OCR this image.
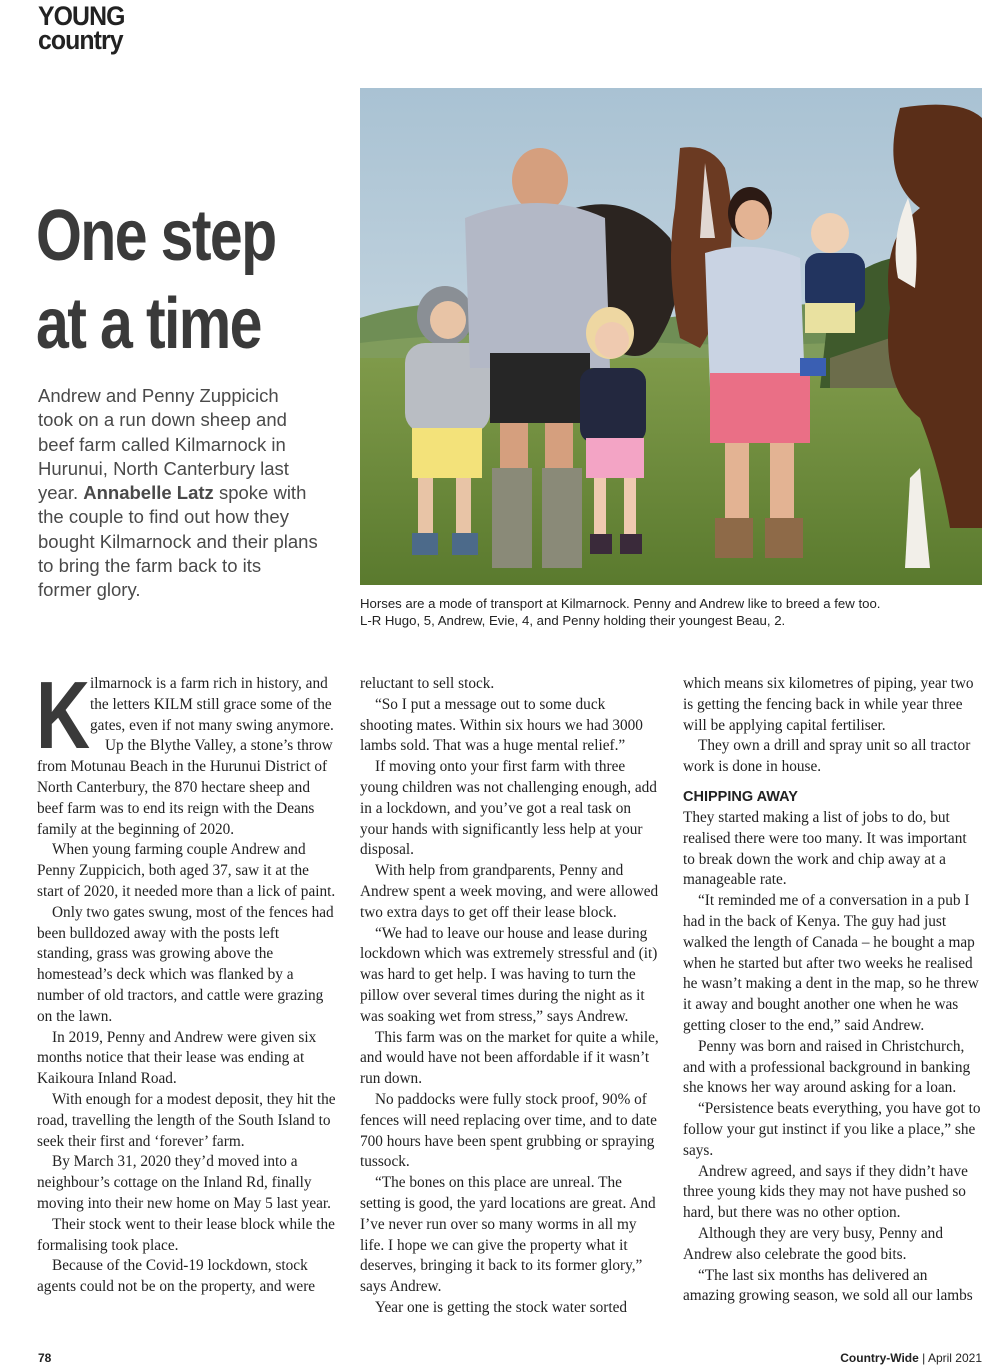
YOUNG
country
One step
at a time

Andrew and Penny Zuppicich took on a run down sheep and beef farm called Kilmarnock in Hurunui, North Canterbury last year. Annabelle Latz spoke with the couple to find out how they bought Kilmarnock and their plans to bring the farm back to its former glory.

Horses are a mode of transport at Kilmarnock. Penny and Andrew like to breed a few too.
L-R Hugo, 5, Andrew, Evie, 4, and Penny holding their youngest Beau, 2.
K ilmarnock is a farm rich in history, and the letters KILM still grace some of the gates, even if not many swing anymore.

Up the Blythe Valley, a stone’s throw from Motunau Beach in the Hurunui District of North Canterbury, the 870 hectare sheep and beef farm was to end its reign with the Deans family at the beginning of 2020.

When young farming couple Andrew and Penny Zuppicich, both aged 37, saw it at the start of 2020, it needed more than a lick of paint.

Only two gates swung, most of the fences had been bulldozed away with the posts left standing, grass was growing above the homestead’s deck which was flanked by a number of old tractors, and cattle were grazing on the lawn.

In 2019, Penny and Andrew were given six months notice that their lease was ending at Kaikoura Inland Road.

With enough for a modest deposit, they hit the road, travelling the length of the South Island to seek their first and ‘forever’ farm.

By March 31, 2020 they’d moved into a neighbour’s cottage on the Inland Rd, finally moving into their new home on May 5 last year.

Their stock went to their lease block while the formalising took place.

Because of the Covid-19 lockdown, stock agents could not be on the property, and were

reluctant to sell stock.

“So I put a message out to some duck shooting mates. Within six hours we had 3000 lambs sold. That was a huge mental relief.”

If moving onto your first farm with three young children was not challenging enough, add in a lockdown, and you’ve got a real task on your hands with significantly less help at your disposal.

With help from grandparents, Penny and Andrew spent a week moving, and were allowed two extra days to get off their lease block.

“We had to leave our house and lease during lockdown which was extremely stressful and (it) was hard to get help. I was having to turn the pillow over several times during the night as it was soaking wet from stress,” says Andrew.

This farm was on the market for quite a while, and would have not been affordable if it wasn’t run down.

No paddocks were fully stock proof, 90% of fences will need replacing over time, and to date 700 hours have been spent grubbing or spraying tussock.

“The bones on this place are unreal. The setting is good, the yard locations are great. And I’ve never run over so many worms in all my life. I hope we can give the property what it deserves, bringing it back to its former glory,” says Andrew.

Year one is getting the stock water sorted

which means six kilometres of piping, year two is getting the fencing back in while year three will be applying capital fertiliser.

They own a drill and spray unit so all tractor work is done in house.

CHIPPING AWAY

They started making a list of jobs to do, but realised there were too many. It was important to break down the work and chip away at a manageable rate.

“It reminded me of a conversation in a pub I had in the back of Kenya. The guy had just walked the length of Canada – he bought a map when he started but after two weeks he realised he wasn’t making a dent in the map, so he threw it away and bought another one when he was getting closer to the end,” said Andrew.

Penny was born and raised in Christchurch, and with a professional background in banking she knows her way around asking for a loan.

“Persistence beats everything, you have got to follow your gut instinct if you like a place,” she says.

Andrew agreed, and says if they didn’t have three young kids they may not have pushed so hard, but there was no other option.

Although they are very busy, Penny and Andrew also celebrate the good bits.

“The last six months has delivered an amazing growing season, we sold all our lambs

78	Country-Wide | April 2021
